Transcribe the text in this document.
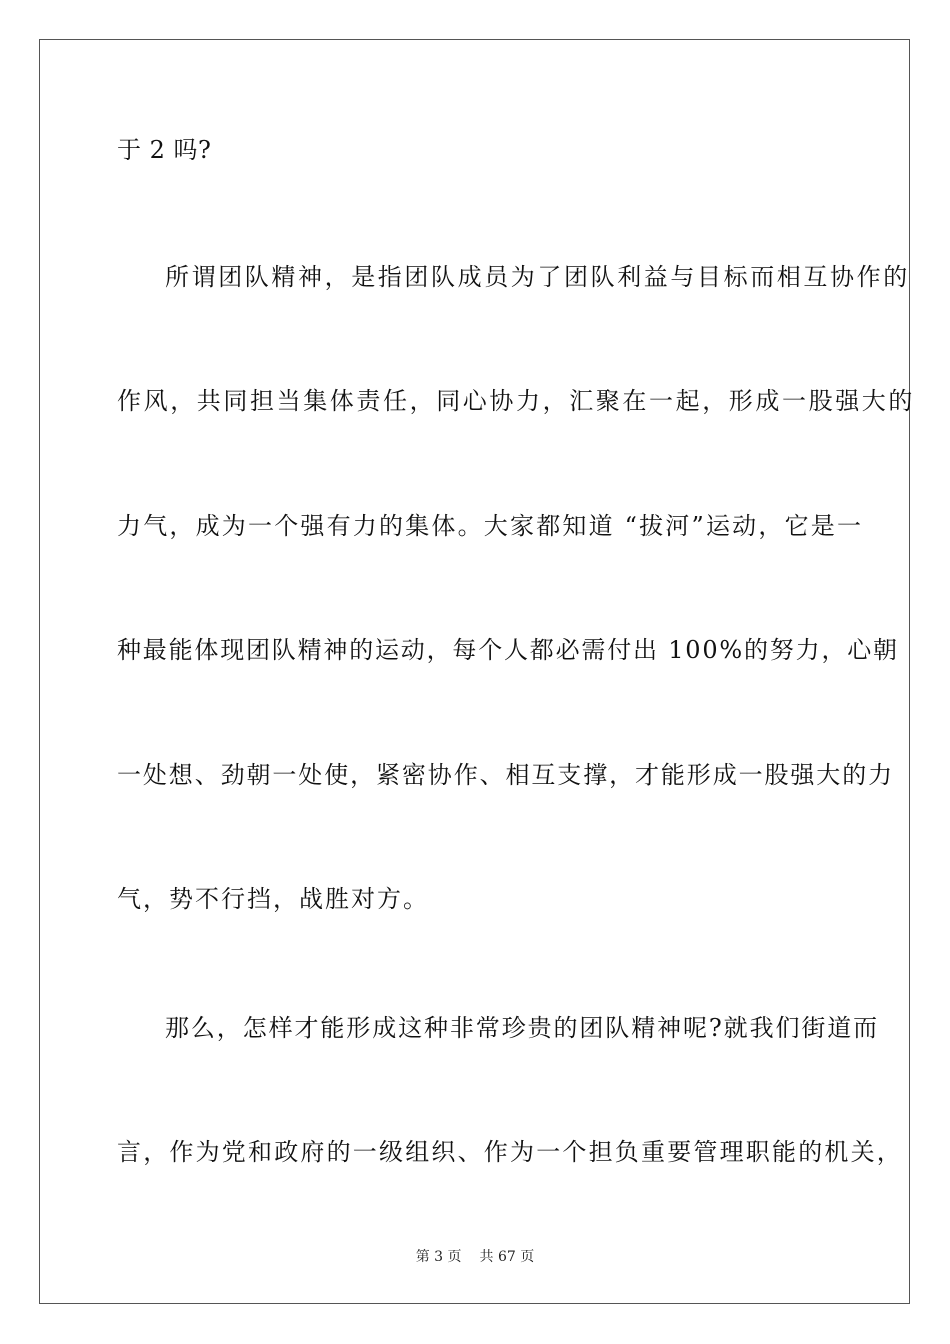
于 2 吗?
所谓团队精神，是指团队成员为了团队利益与目标而相互协作的
作风，共同担当集体责任，同心协力，汇聚在一起，形成一股强大的
力气，成为一个强有力的集体。大家都知道 “拔河”运动，它是一
种最能体现团队精神的运动，每个人都必需付出 100%的努力，心朝
一处想、劲朝一处使，紧密协作、相互支撑，才能形成一股强大的力
气，势不行挡，战胜对方。
那么，怎样才能形成这种非常珍贵的团队精神呢?就我们街道而
言，作为党和政府的一级组织、作为一个担负重要管理职能的机关，
第 3 页 共 67 页
